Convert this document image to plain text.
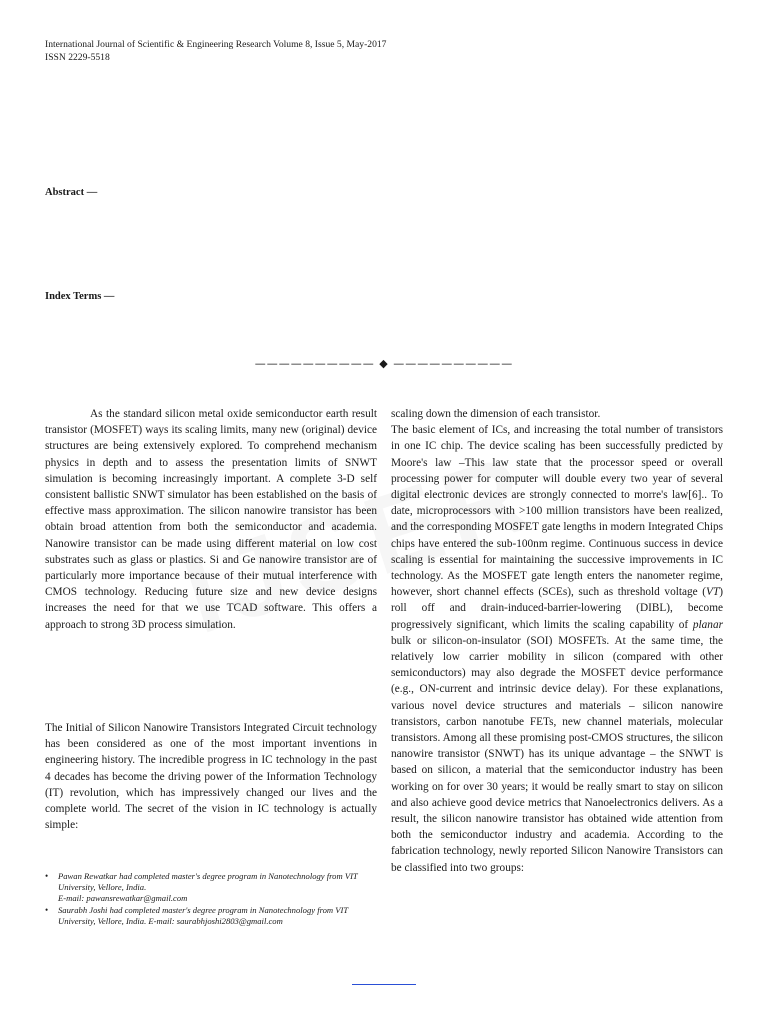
International Journal of Scientific & Engineering Research Volume 8, Issue 5, May-2017
ISSN 2229-5518
Abstract —
Index Terms —
—————————— ◆ ——————————

As the standard silicon metal oxide semiconductor earth result transistor (MOSFET) ways its scaling limits, many new (original) device structures are being extensively explored. To comprehend mechanism physics in depth and to assess the presentation limits of SNWT simulation is becoming increasingly important. A complete 3-D self consistent ballistic SNWT simulator has been established on the basis of effective mass approximation. The silicon nanowire transistor has been obtain broad attention from both the semiconductor and academia. Nanowire transistor can be made using different material on low cost substrates such as glass or plastics. Si and Ge nanowire transistor are of particularly more importance because of their mutual interference with CMOS technology. Reducing future size and new device designs increases the need for that we use TCAD software. This offers a approach to strong 3D process simulation.

The Initial of Silicon Nanowire Transistors Integrated Circuit technology has been considered as one of the most important inventions in engineering history. The incredible progress in IC technology in the past 4 decades has become the driving power of the Information Technology (IT) revolution, which has impressively changed our lives and the complete world. The secret of the vision in IC technology is actually simple:

scaling down the dimension of each transistor.

The basic element of ICs, and increasing the total number of transistors in one IC chip. The device scaling has been successfully predicted by Moore's law –This law state that the processor speed or overall processing power for computer will double every two year of several digital electronic devices are strongly connected to morre's law[6].. To date, microprocessors with >100 million transistors have been realized, and the corresponding MOSFET gate lengths in modern Integrated Chips chips have entered the sub-100nm regime. Continuous success in device scaling is essential for maintaining the successive improvements in IC technology. As the MOSFET gate length enters the nanometer regime, however, short channel effects (SCEs), such as threshold voltage (VT) roll off and drain-induced-barrier-lowering (DIBL), become progressively significant, which limits the scaling capability of planar bulk or silicon-on-insulator (SOI) MOSFETs. At the same time, the relatively low carrier mobility in silicon (compared with other semiconductors) may also degrade the MOSFET device performance (e.g., ON-current and intrinsic device delay). For these explanations, various novel device structures and materials – silicon nanowire transistors, carbon nanotube FETs, new channel materials, molecular transistors. Among all these promising post-CMOS structures, the silicon nanowire transistor (SNWT) has its unique advantage – the SNWT is based on silicon, a material that the semiconductor industry has been working on for over 30 years; it would be really smart to stay on silicon and also achieve good device metrics that Nanoelectronics delivers. As a result, the silicon nanowire transistor has obtained wide attention from both the semiconductor industry and academia. According to the fabrication technology, newly reported Silicon Nanowire Transistors can be classified into two groups:

• Pawan Rewatkar had completed master's degree program in Nanotechnology from VIT University, Vellore, India.
E-mail: pawansrewatkar@gmail.com
• Saurabh Joshi had completed master's degree program in Nanotechnology from VIT University, Vellore, India. E-mail: saurabhjoshi2803@gmail.com
